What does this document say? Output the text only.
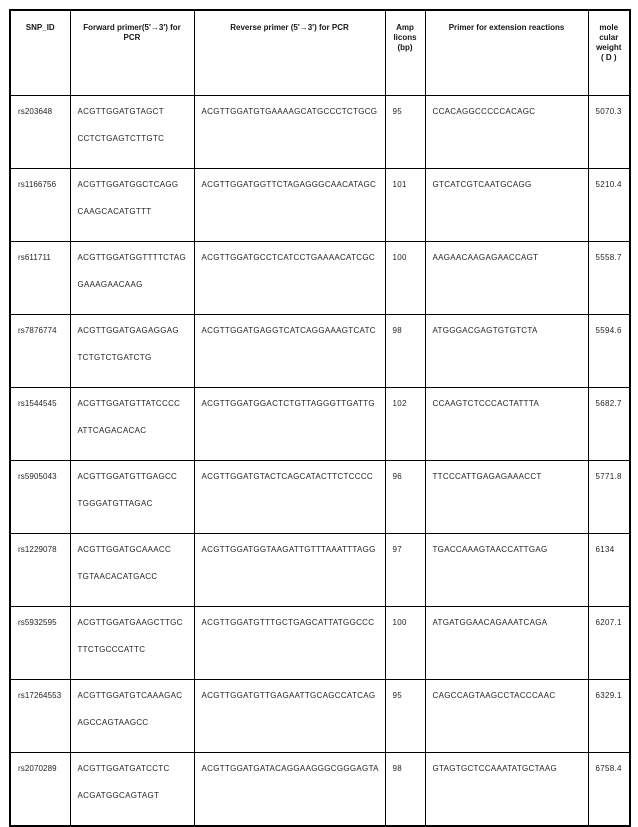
SNP_ID	Forward primer(5'→3') for
PCR	Reverse primer (5'→3') for PCR	Amp
licons
(bp)	Primer for extension reactions	mole
cular
weight
( D )
rs203648	ACGTTGGATGTAGCT
CCTCTGAGTCTTGTC	ACGTTGGATGTGAAAAGCATGCCCTCTGCG	95	CCACAGGCCCCCACAGC	5070.3
rs1166756	ACGTTGGATGGCTCAGG
CAAGCACATGTTT	ACGTTGGATGGTTCTAGAGGGCAACATAGC	101	GTCATCGTCAATGCAGG	5210.4
rs611711	ACGTTGGATGGTTTTCTAG
GAAAGAACAAG	ACGTTGGATGCCTCATCCTGAAAACATCGC	100	AAGAACAAGAGAACCAGT	5558.7
rs7876774	ACGTTGGATGAGAGGAG
TCTGTCTGATCTG	ACGTTGGATGAGGTCATCAGGAAAGTCATC	98	ATGGGACGAGTGTGTCTA	5594.6
rs1544545	ACGTTGGATGTTATCCCC
ATTCAGACACAC	ACGTTGGATGGACTCTGTTAGGGTTGATTG	102	CCAAGTCTCCCACTATTTA	5682.7
rs5905043	ACGTTGGATGTTGAGCC
TGGGATGTTAGAC	ACGTTGGATGTACTCAGCATACTTCTCCCC	96	TTCCCATTGAGAGAAACCT	5771.8
rs1229078	ACGTTGGATGCAAACC
TGTAACACATGACC	ACGTTGGATGGTAAGATTGTTTAAATTTAGG	97	TGACCAAAGTAACCATTGAG	6134
rs5932595	ACGTTGGATGAAGCTTGC
TTCTGCCCATTC	ACGTTGGATGTTTGCTGAGCATTATGGCCC	100	ATGATGGAACAGAAATCAGA	6207.1
rs17264553	ACGTTGGATGTCAAAGAC
AGCCAGTAAGCC	ACGTTGGATGTTGAGAATTGCAGCCATCAG	95	CAGCCAGTAAGCCTACCCAAC	6329.1
rs2070289	ACGTTGGATGATCCTC
ACGATGGCAGTAGT	ACGTTGGATGATACAGGAAGGGCGGGAGTA	98	GTAGTGCTCCAAATATGCTAAG	6758.4
